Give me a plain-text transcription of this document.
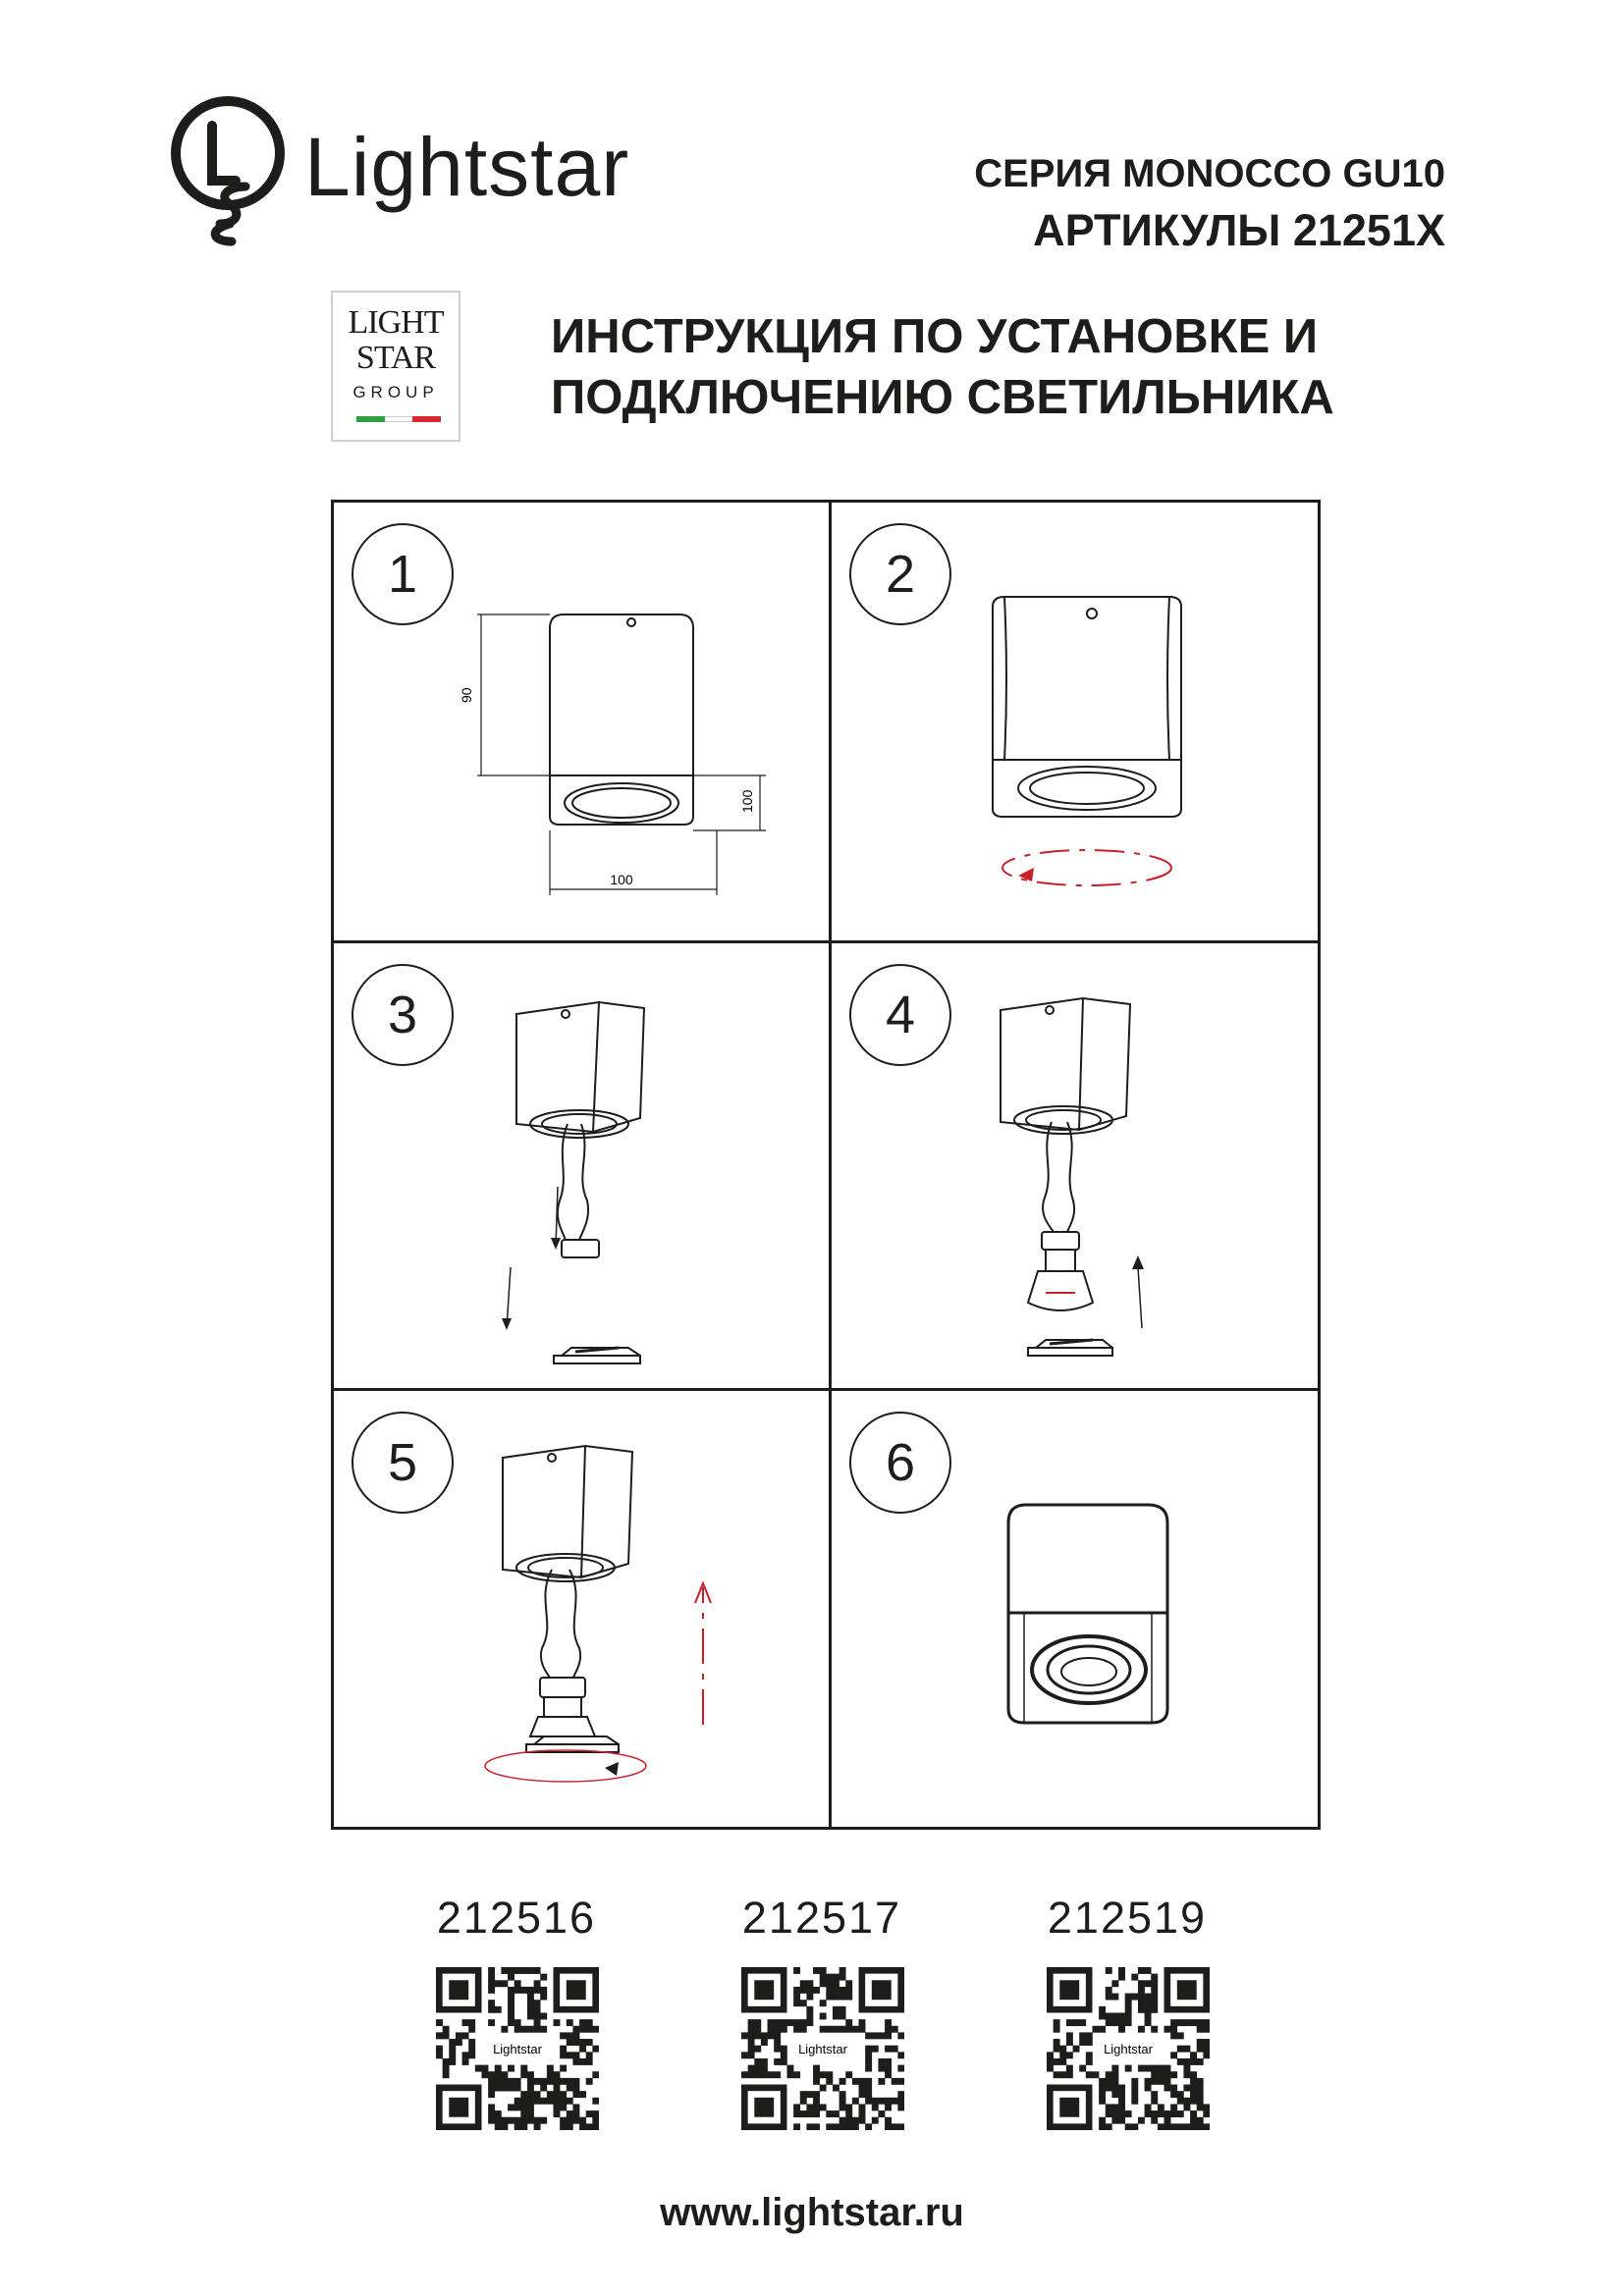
Lightstar	СЕРИЯ MONOCCO GU10
АРТИКУЛЫ 21251X
LIGHT
STAR
GROUP
ИНСТРУКЦИЯ ПО УСТАНОВКЕ И
ПОДКЛЮЧЕНИЮ СВЕТИЛЬНИКА
1
90
100
100
2
3	4
5	6
212516	212517	212519
Lightstar	Lightstar	Lightstar
www.lightstar.ru
